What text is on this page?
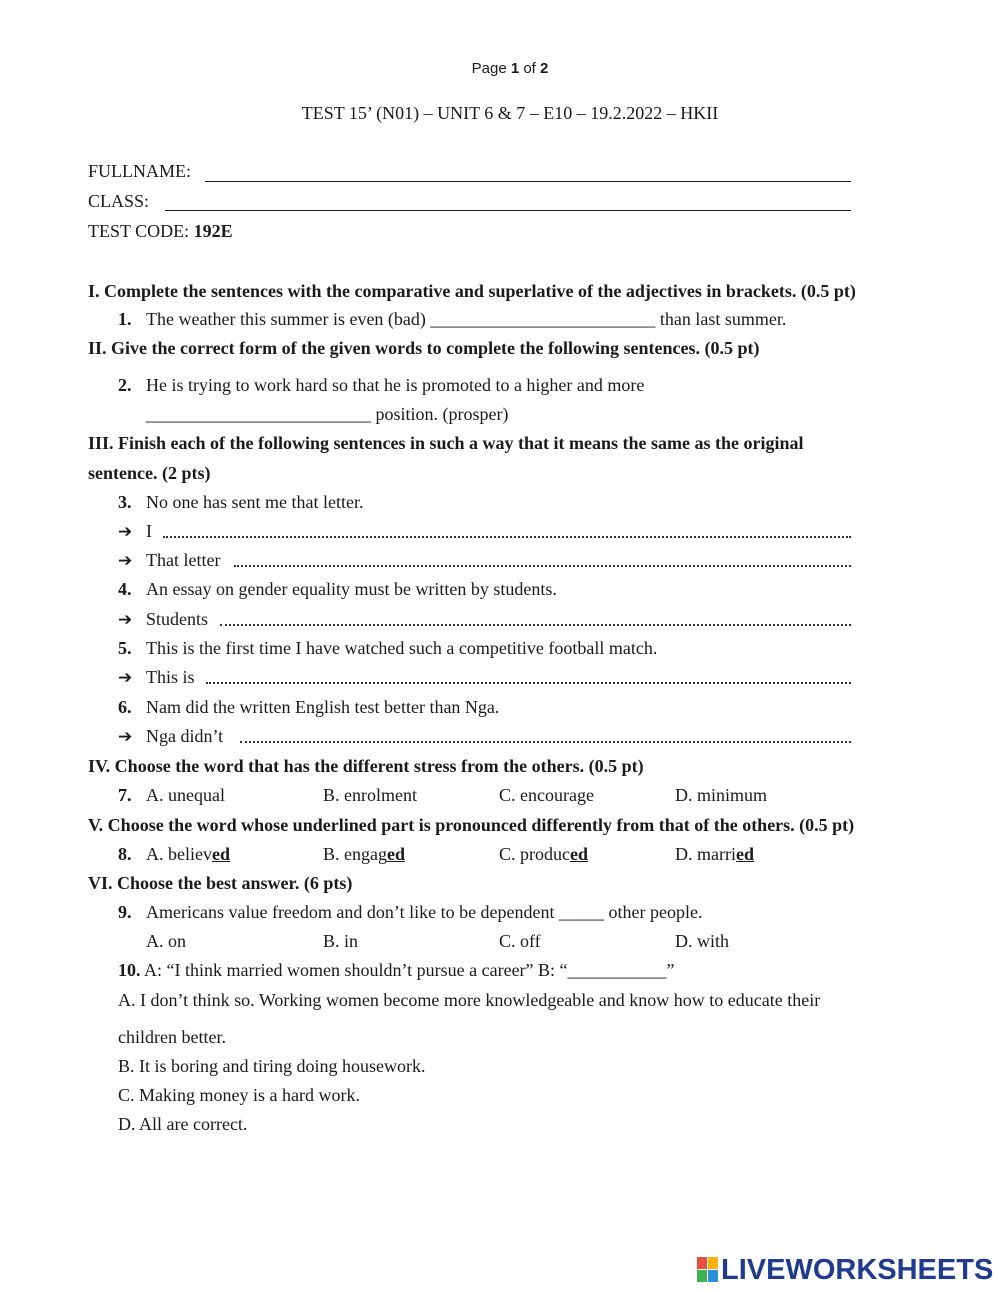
Page 1 of 2
TEST 15’ (N01) – UNIT 6 & 7 – E10 – 19.2.2022 – HKII
FULLNAME:
CLASS:
TEST CODE: 192E
I. Complete the sentences with the comparative and superlative of the adjectives in brackets. (0.5 pt)
1. The weather this summer is even (bad) _________________________ than last summer.
II. Give the correct form of the given words to complete the following sentences. (0.5 pt)
2. He is trying to work hard so that he is promoted to a higher and more
_________________________ position. (prosper)
III. Finish each of the following sentences in such a way that it means the same as the original
sentence. (2 pts)
3. No one has sent me that letter.
➔ I
➔ That letter
4. An essay on gender equality must be written by students.
➔ Students
5. This is the first time I have watched such a competitive football match.
➔ This is
6. Nam did the written English test better than Nga.
➔ Nga didn’t
IV. Choose the word that has the different stress from the others. (0.5 pt)
7. A. unequal	B. enrolment	C. encourage	D. minimum
V. Choose the word whose underlined part is pronounced differently from that of the others. (0.5 pt)
8. A. believed	B. engaged	C. produced	D. married
VI. Choose the best answer. (6 pts)
9. Americans value freedom and don’t like to be dependent _____ other people.
A. on	B. in	C. off	D. with
10. A: “I think married women shouldn’t pursue a career” B: “___________”
A. I don’t think so. Working women become more knowledgeable and know how to educate their
children better.
B. It is boring and tiring doing housework.
C. Making money is a hard work.
D. All are correct.
LIVEWORKSHEETS
